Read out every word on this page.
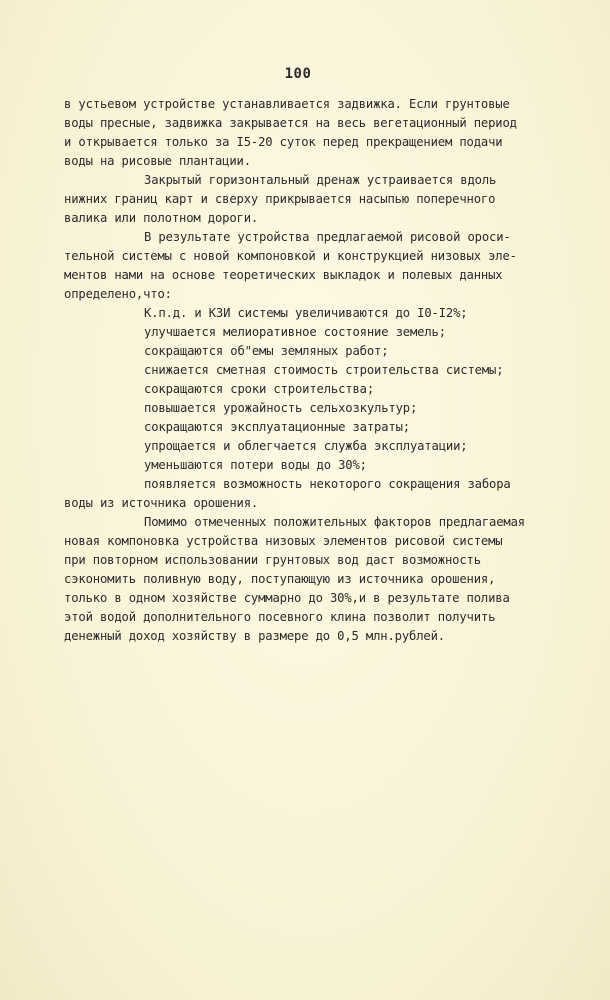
100
в устьевом устройстве устанавливается задвижка. Если грунтовые
воды пресные, задвижка закрывается на весь вегетационный период
и открывается только за I5-20 суток перед прекращением подачи
воды на рисовые плантации.
Закрытый горизонтальный дренаж устраивается вдоль
нижних границ карт и сверху прикрывается насыпью поперечного
валика или полотном дороги.
В результате устройства предлагаемой рисовой ороси-
тельной системы с новой компоновкой и конструкцией низовых эле-
ментов нами на основе теоретических выкладок и полевых данных
определено,что:
К.п.д. и КЗИ системы увеличиваются до I0-I2%;
улучшается мелиоративное состояние земель;
сокращаются об"емы земляных работ;
снижается сметная стоимость строительства системы;
сокращаются сроки строительства;
повышается урожайность сельхозкультур;
сокращаются эксплуатационные затраты;
упрощается и облегчается служба эксплуатации;
уменьшаются потери воды до 30%;
появляется возможность некоторого сокращения забора
воды из источника орошения.
Помимо отмеченных положительных факторов предлагаемая
новая компоновка устройства низовых элементов рисовой системы
при повторном использовании грунтовых вод даст возможность
сэкономить поливную воду, поступающую из источника орошения,
только в одном хозяйстве суммарно до 30%,и в результате полива
этой водой дополнительного посевного клина позволит получить
денежный доход хозяйству в размере до 0,5 млн.рублей.
